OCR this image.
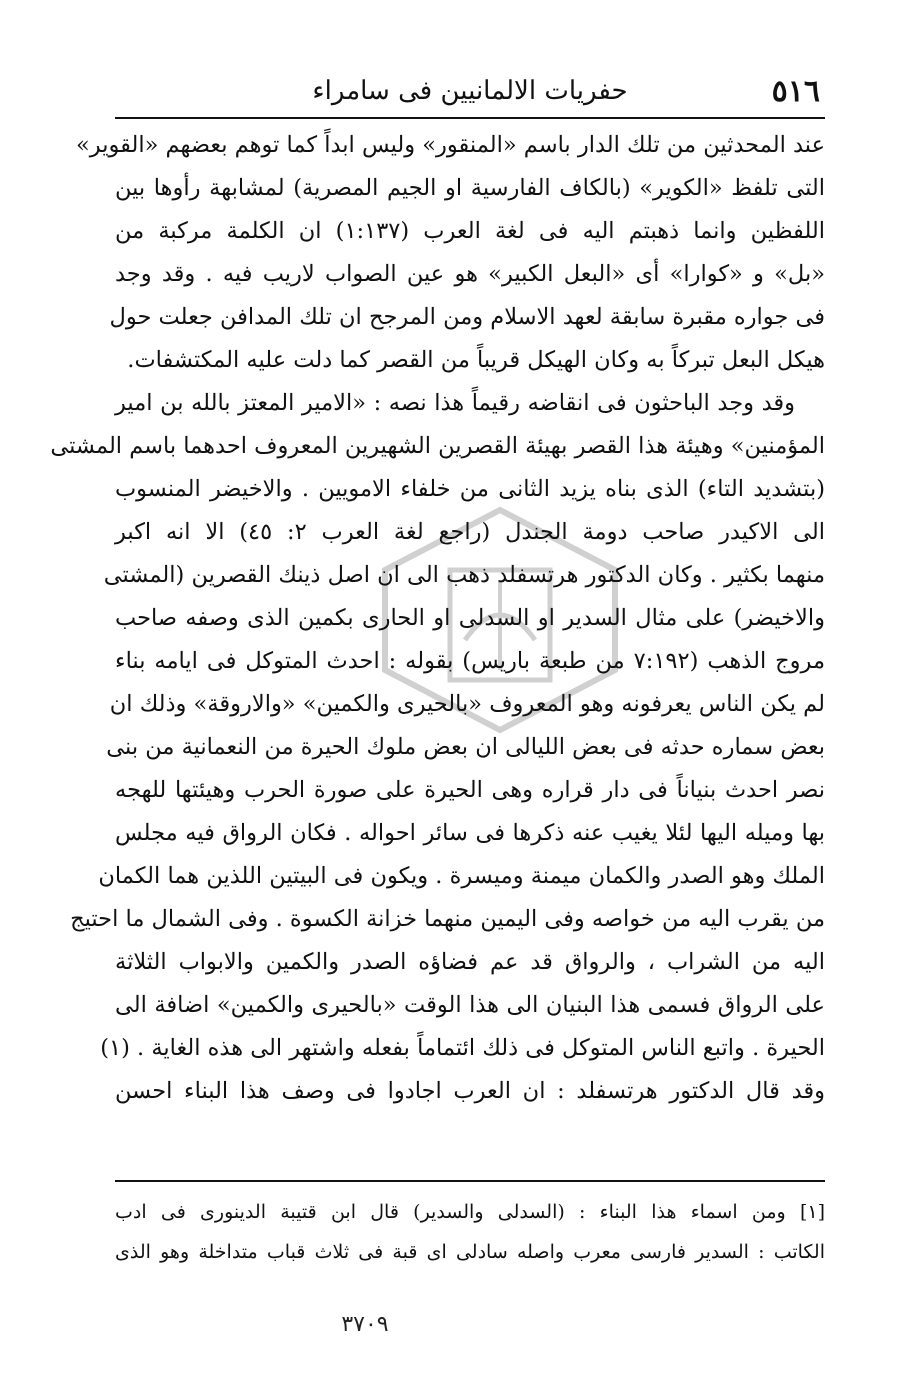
٥١٦
حفريات الالمانيين فى سامراء
عند المحدثين من تلك الدار باسم «المنقور» وليس ابداً كما توهم بعضهم «القوير»
التى تلفظ «الكوير» (بالكاف الفارسية او الجيم المصرية) لمشابهة رأوها بين
اللفظين وانما ذهبتم اليه فى لغة العرب (١:١٣٧) ان الكلمة مركبة من
«بل» و «كوارا» أى «البعل الكبير» هو عين الصواب لاريب فيه . وقد وجد
فى جواره مقبرة سابقة لعهد الاسلام ومن المرجح ان تلك المدافن جعلت حول
هيكل البعل تبركاً به وكان الهيكل قريباً من القصر كما دلت عليه المكتشفات.
وقد وجد الباحثون فى انقاضه رقيماً هذا نصه : «الامير المعتز بالله بن امير
المؤمنين» وهيئة هذا القصر بهيئة القصرين الشهيرين المعروف احدهما باسم المشتى
(بتشديد التاء) الذى بناه يزيد الثانى من خلفاء الامويين . والاخيضر المنسوب
الى الاكيدر صاحب دومة الجندل (راجع لغة العرب ٢: ٤٥) الا انه اكبر
منهما بكثير . وكان الدكتور هرتسفلد ذهب الى ان اصل ذينك القصرين (المشتى
والاخيضر) على مثال السدير او السدلى او الحارى بكمين الذى وصفه صاحب
مروج الذهب (٧:١٩٢ من طبعة باريس) بقوله : احدث المتوكل فى ايامه بناء
لم يكن الناس يعرفونه وهو المعروف «بالحيرى والكمين» «والاروقة» وذلك ان
بعض سماره حدثه فى بعض الليالى ان بعض ملوك الحيرة من النعمانية من بنى
نصر احدث بنياناً فى دار قراره وهى الحيرة على صورة الحرب وهيئتها للهجه
بها وميله اليها لئلا يغيب عنه ذكرها فى سائر احواله . فكان الرواق فيه مجلس
الملك وهو الصدر والكمان ميمنة وميسرة . ويكون فى البيتين اللذين هما الكمان
من يقرب اليه من خواصه وفى اليمين منهما خزانة الكسوة . وفى الشمال ما احتيج
اليه من الشراب ، والرواق قد عم فضاؤه الصدر والكمين والابواب الثلاثة
على الرواق فسمى هذا البنيان الى هذا الوقت «بالحيرى والكمين» اضافة الى
الحيرة . واتبع الناس المتوكل فى ذلك ائتماماً بفعله واشتهر الى هذه الغاية . (١)
وقد قال الدكتور هرتسفلد : ان العرب اجادوا فى وصف هذا البناء احسن
[١] ومن اسماء هذا البناء : (السدلى والسدير) قال ابن قتيبة الدينورى فى ادب
الكاتب : السدير فارسى معرب واصله سادلى اى قبة فى ثلاث قباب متداخلة وهو الذى
٣٧٠٩
